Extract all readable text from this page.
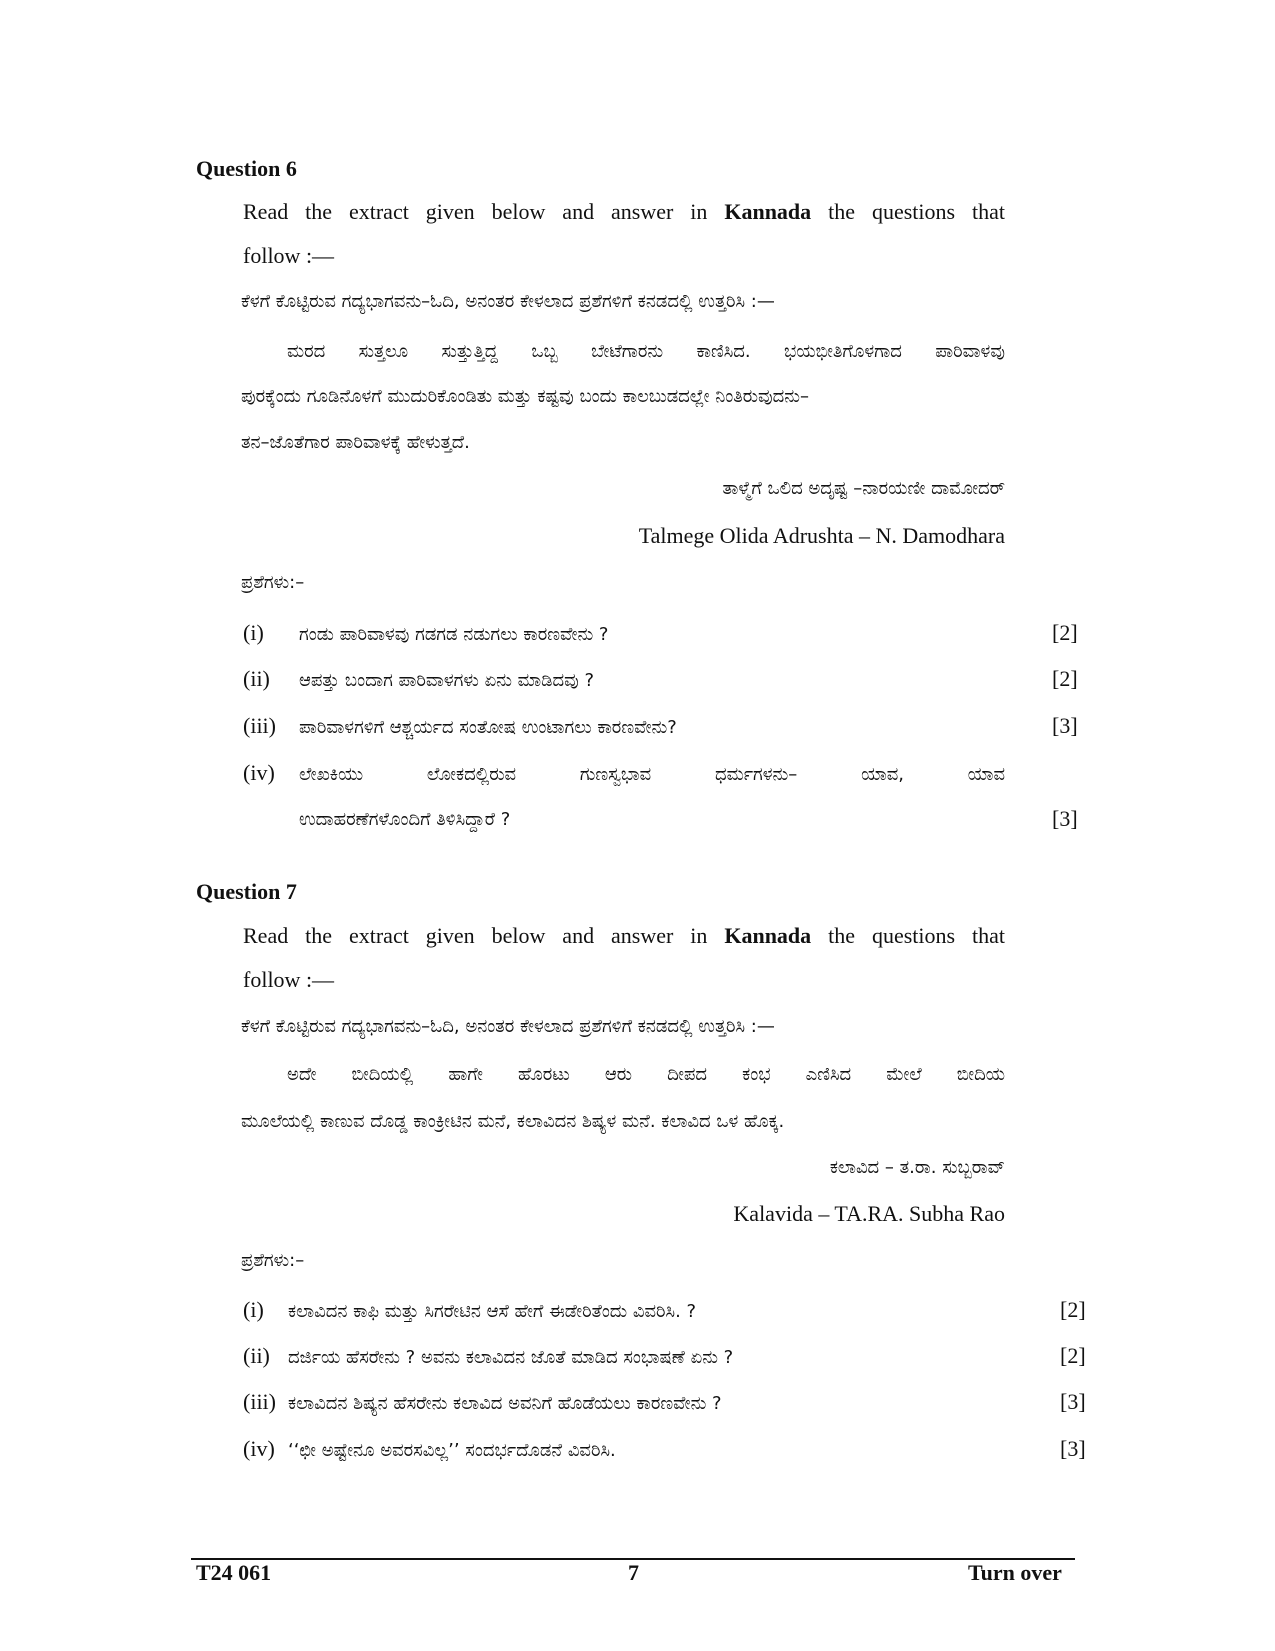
Question 6
Read the extract given below and answer in Kannada the questions that
follow :—
ಕೆಳಗೆ ಕೊಟ್ಟಿರುವ ಗದ್ಯಭಾಗವನು–ಓದಿ, ಅನಂತರ ಕೇಳಲಾದ ಪ್ರಶೆಗಳಿಗೆ ಕನಡದಲ್ಲಿ ಉತ್ತರಿಸಿ :—
ಮರದ ಸುತ್ತಲೂ ಸುತ್ತುತ್ತಿದ್ದ ಒಬ್ಬ ಬೇಟೆಗಾರನು ಕಾಣಿಸಿದ. ಭಯಭೀತಿಗೊಳಗಾದ ಪಾರಿವಾಳವು
ಪುರಕ್ಕೆಂದು ಗೂಡಿನೊಳಗೆ ಮುದುರಿಕೊಂಡಿತು ಮತ್ತು ಕಷ್ಟವು ಬಂದು ಕಾಲಬುಡದಲ್ಲೇ ನಿಂತಿರುವುದನು–
ತನ–ಜೊತೆಗಾರ ಪಾರಿವಾಳಕ್ಕೆ ಹೇಳುತ್ತದೆ.
ತಾಳ್ಮೆಗೆ ಒಲಿದ ಅದೃಷ್ಟ –ನಾರಯಣೀ ದಾಮೋದರ್
Talmege Olida Adrushta – N. Damodhara
ಪ್ರಶೆಗಳು:–
(i) ಗಂಡು ಪಾರಿವಾಳವು ಗಡಗಡ ನಡುಗಲು ಕಾರಣವೇನು ?	[2]
(ii) ಆಪತ್ತು ಬಂದಾಗ ಪಾರಿವಾಳಗಳು ಏನು ಮಾಡಿದವು ?	[2]
(iii) ಪಾರಿವಾಳಗಳಿಗೆ ಆಶ್ಚರ್ಯದ ಸಂತೋಷ ಉಂಟಾಗಲು ಕಾರಣವೇನು?	[3]
(iv) ಲೇಖಕಿಯು ಲೋಕದಲ್ಲಿರುವ ಗುಣಸ್ವಭಾವ ಧರ್ಮಗಳನು– ಯಾವ, ಯಾವ
ಉದಾಹರಣೆಗಳೊಂದಿಗೆ ತಿಳಿಸಿದ್ದಾರೆ ?	[3]
Question 7
Read the extract given below and answer in Kannada the questions that
follow :—
ಕೆಳಗೆ ಕೊಟ್ಟಿರುವ ಗದ್ಯಭಾಗವನು–ಓದಿ, ಅನಂತರ ಕೇಳಲಾದ ಪ್ರಶೆಗಳಿಗೆ ಕನಡದಲ್ಲಿ ಉತ್ತರಿಸಿ :—
ಅದೇ ಬೀದಿಯಲ್ಲಿ ಹಾಗೇ ಹೊರಟು ಆರು ದೀಪದ ಕಂಭ ಎಣಿಸಿದ ಮೇಲೆ ಬೀದಿಯ
ಮೂಲೆಯಲ್ಲಿ ಕಾಣುವ ದೊಡ್ಡ ಕಾಂಕ್ರೀಟಿನ ಮನೆ, ಕಲಾವಿದನ ಶಿಷ್ಯಳ ಮನೆ. ಕಲಾವಿದ ಒಳ ಹೊಕ್ಕ.
ಕಲಾವಿದ – ತ.ರಾ. ಸುಬ್ಬರಾವ್
Kalavida – TA.RA. Subha Rao
ಪ್ರಶೆಗಳು:–
(i) ಕಲಾವಿದನ ಕಾಫಿ ಮತ್ತು ಸಿಗರೇಟಿನ ಆಸೆ ಹೇಗೆ ಈಡೇರಿತೆಂದು ವಿವರಿಸಿ. ?	[2]
(ii) ದರ್ಜಿಯ ಹೆಸರೇನು ? ಅವನು ಕಲಾವಿದನ ಜೊತೆ ಮಾಡಿದ ಸಂಭಾಷಣೆ ಏನು ?	[2]
(iii) ಕಲಾವಿದನ ಶಿಷ್ಯನ ಹೆಸರೇನು ಕಲಾವಿದ ಅವನಿಗೆ ಹೊಡೆಯಲು ಕಾರಣವೇನು ?	[3]
(iv) ‘‘ಛೀ ಅಷ್ಟೇನೂ ಅವರಸವಿಲ್ಲ’’ ಸಂದರ್ಭದೊಡನೆ ವಿವರಿಸಿ.	[3]
T24 061	7	Turn over
